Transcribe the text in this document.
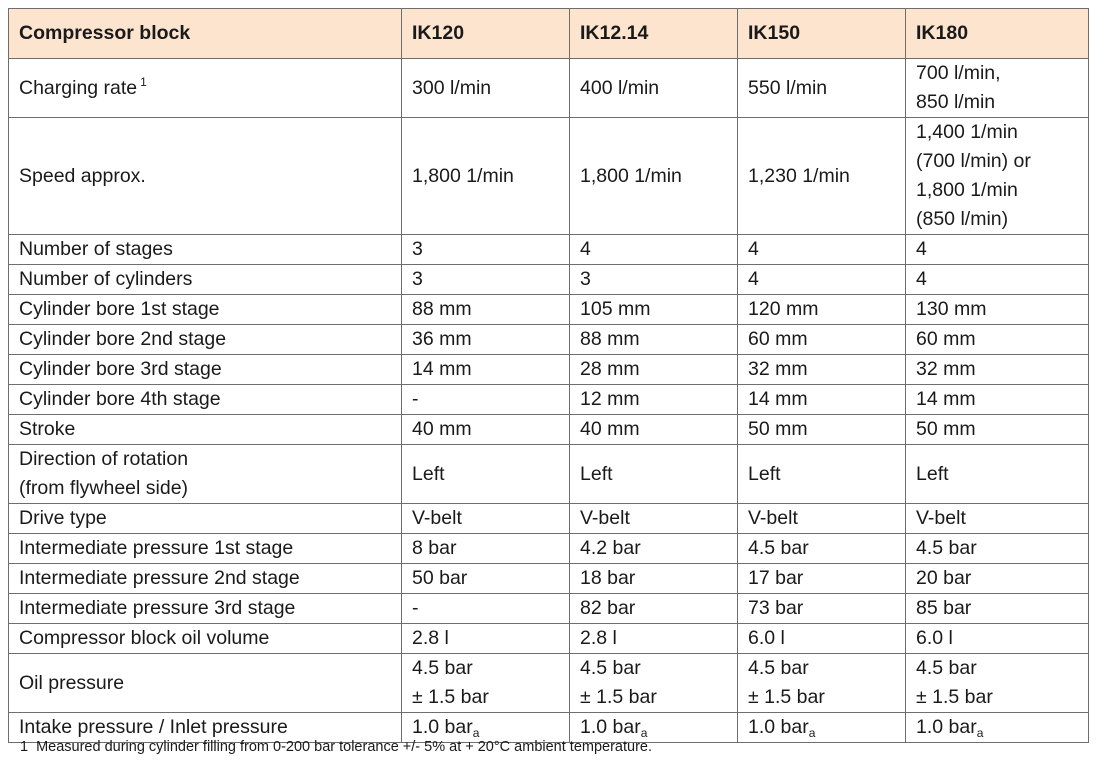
Compressor block	IK120	IK12.14	IK150	IK180
Charging rate $^1$	300 l/min	400 l/min	550 l/min	700 l/min,
850 l/min

Speed approx.	1,800 1/min	1,800 1/min	1,230 1/min	1,400 1/min
(700 l/min) or
1,800 1/min
(850 l/min)

Number of stages	3	4	4	4
Number of cylinders	3	3	4	4
Cylinder bore 1st stage	88 mm	105 mm	120 mm	130 mm
Cylinder bore 2nd stage	36 mm	88 mm	60 mm	60 mm
Cylinder bore 3rd stage	14 mm	28 mm	32 mm	32 mm
Cylinder bore 4th stage	-	12 mm	14 mm	14 mm
Stroke	40 mm	40 mm	50 mm	50 mm

Direction of rotation
(from flywheel side)	Left	Left	Left	Left
Drive type	V-belt	V-belt	V-belt	V-belt
Intermediate pressure 1st stage	8 bar	4.2 bar	4.5 bar	4.5 bar
Intermediate pressure 2nd stage	50 bar	18 bar	17 bar	20 bar
Intermediate pressure 3rd stage	-	82 bar	73 bar	85 bar
Compressor block oil volume	2.8 l	2.8 l	6.0 l	6.0 l
Oil pressure	4.5 bar
± 1.5 bar	4.5 bar
± 1.5 bar	4.5 bar
± 1.5 bar	4.5 bar
± 1.5 bar

Intake pressure / Inlet pressure	1.0 bar$_a$	1.0 bar$_a$	1.0 bar$_a$	1.0 bar$_a$
1 Measured during cylinder filling from 0-200 bar tolerance +/- 5% at + 20°C ambient temperature.
